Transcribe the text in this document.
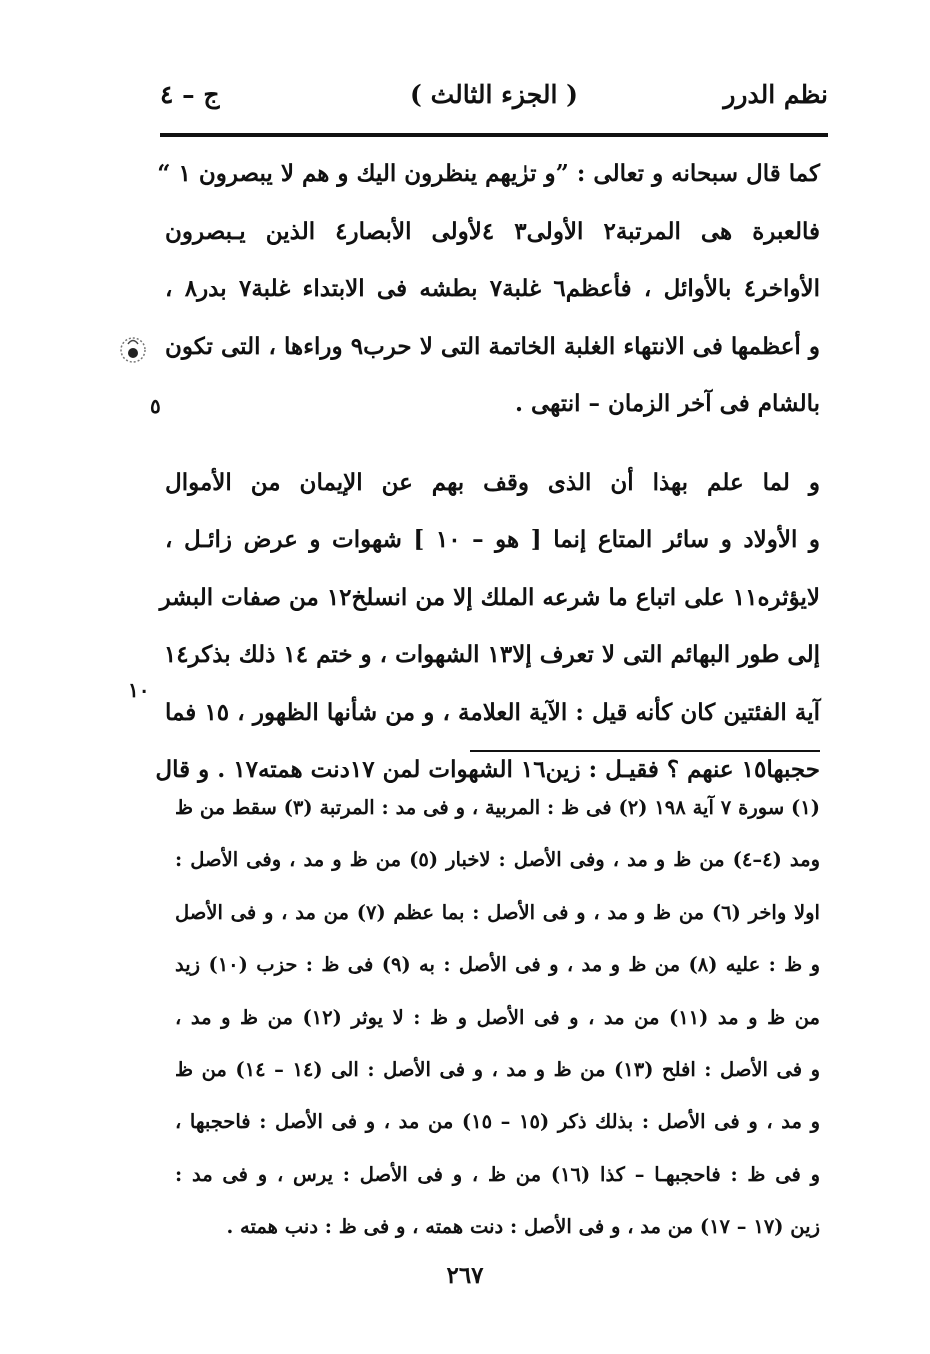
نظم الدرر
( الجزء الثالث )
ج – ٤
كما قال سبحانه و تعالى : ”و ترٰيهم ينظرون اليك و هم لا يبصرون ١ “
فالعبرة هى المرتبة٢ الأولى٣ ٤لأولى الأبصار٤ الذين يـبصرون
الأواخر٤ بالأوائل ، فأعظم٦ غلبة٧ بطشه فى الابتداء غلبة٧ بدر٨ ،
و أعظمها فى الانتهاء الغلبة الخاتمة التى لا حرب٩ وراءها ، التى تكون
بالشام فى آخر الزمان – انتهى .
و لما علم بهذا أن الذى وقف بهم عن الإيمان من الأموال
و الأولاد و سائر المتاع إنما [ هو – ١٠ ] شهوات و عرض زائـل ،
لايؤثره١١ على اتباع ما شرعه الملك إلا من انسلخ١٢ من صفات البشر
إلى طور البهائم التى لا تعرف إلا١٣ الشهوات ، و ختم ١٤ ذلك بذكر١٤
آية الفئتين كان كأنه قيل : الآية العلامة ، و من شأنها الظهور ، ١٥ فما
حجبها١٥ عنهم ؟ فقيـل : زين١٦ الشهوات لمن ١٧دنت همته١٧ . و قال
٥
١٠
(١) سورة ٧ آية ١٩٨ (٢) فى ظ : المربية ، و فى مد : المرتبة (٣) سقط من ظ
ومد (٤–٤) من ظ و مد ، وفى الأصل : لاخبار (٥) من ظ و مد ، وفى الأصل :
اولا واخر (٦) من ظ و مد ، و فى الأصل : بما عظم (٧) من مد ، و فى الأصل
و ظ : عليه (٨) من ظ و مد ، و فى الأصل : به (٩) فى ظ : حزب (١٠) زيد
من ظ و مد (١١) من مد ، و فى الأصل و ظ : لا يوثر (١٢) من ظ و مد ،
و فى الأصل : افلح (١٣) من ظ و مد ، و فى الأصل : الى (١٤ – ١٤) من ظ
و مد ، و فى الأصل : بذلك ذكر (١٥ – ١٥) من مد ، و فى الأصل : فاحجبها ،
و فى ظ : فاحجبهـا – كذا (١٦) من ظ ، و فى الأصل : يرس ، و فى مد :
زين (١٧ – ١٧) من مد ، و فى الأصل : دنت همته ، و فى ظ : دنب همته .
٢٦٧
